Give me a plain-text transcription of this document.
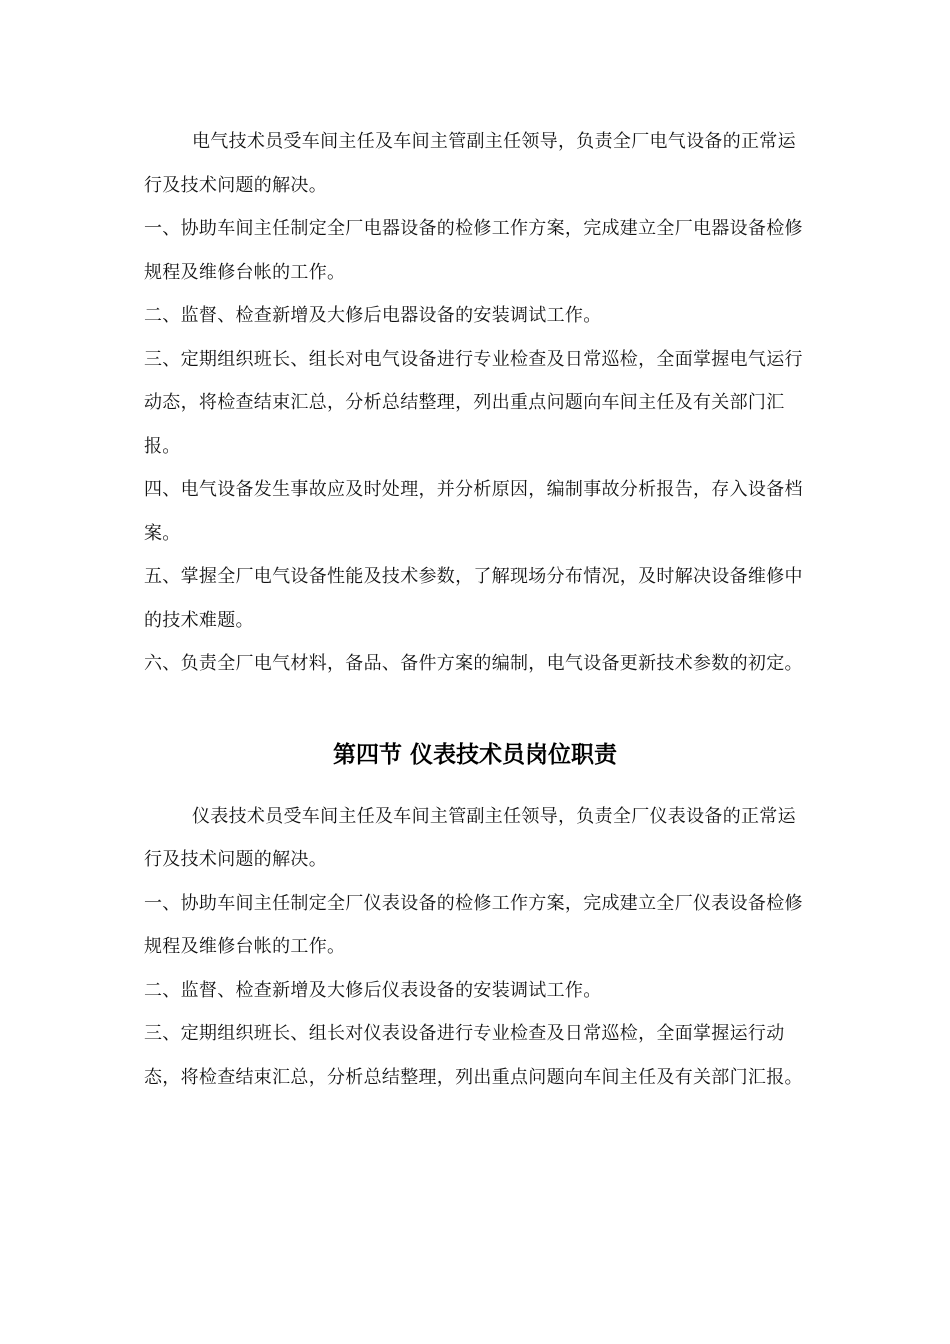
电气技术员受车间主任及车间主管副主任领导，负责全厂电气设备的正常运行及技术问题的解决。

一、协助车间主任制定全厂电器设备的检修工作方案，完成建立全厂电器设备检修规程及维修台帐的工作。

二、监督、检查新增及大修后电器设备的安装调试工作。

三、定期组织班长、组长对电气设备进行专业检查及日常巡检，全面掌握电气运行动态，将检查结束汇总，分析总结整理，列出重点问题向车间主任及有关部门汇报。

四、电气设备发生事故应及时处理，并分析原因，编制事故分析报告，存入设备档案。

五、掌握全厂电气设备性能及技术参数，了解现场分布情况，及时解决设备维修中的技术难题。

六、负责全厂电气材料，备品、备件方案的编制，电气设备更新技术参数的初定。

第四节 仪表技术员岗位职责

仪表技术员受车间主任及车间主管副主任领导，负责全厂仪表设备的正常运行及技术问题的解决。

一、协助车间主任制定全厂仪表设备的检修工作方案，完成建立全厂仪表设备检修规程及维修台帐的工作。

二、监督、检查新增及大修后仪表设备的安装调试工作。

三、定期组织班长、组长对仪表设备进行专业检查及日常巡检，全面掌握运行动态，将检查结束汇总，分析总结整理，列出重点问题向车间主任及有关部门汇报。
